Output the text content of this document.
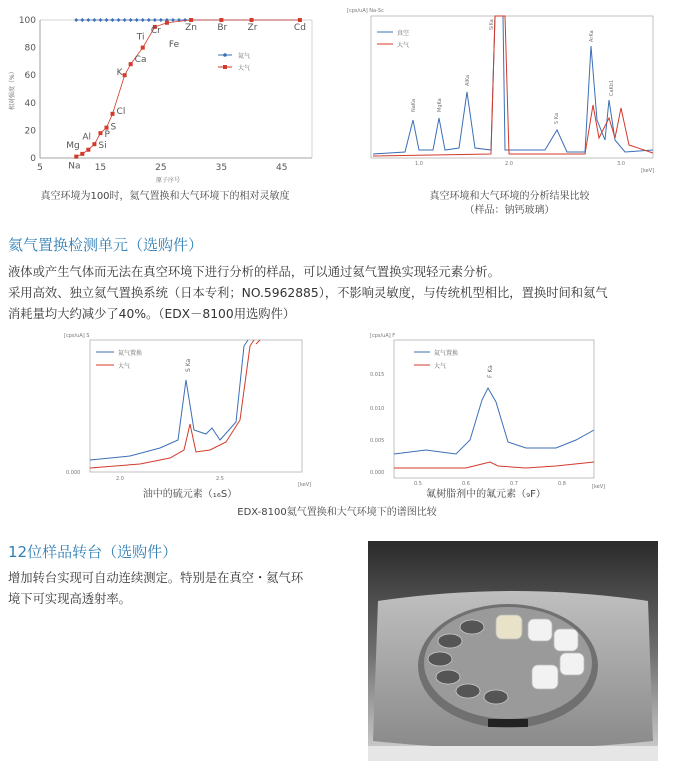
0
20
40
60
80
100
5	15	25	35	45
相对强度（%）
原子序号
Na
Mg
Al
Si
P
S
Cl
K
Ca
Ti
Cr
Fe
Zn Br Zr	Cd
氦气
大气
真空环境为100时，氦气置换和大气环境下的相对灵敏度
[cps/uA] Na-Sc
[keV]
1.0	2.0	3.0
真空
大气
NaKa	MgKa
AlKa
SiKa
S Ka
ArKa
CaKb1
真空环境和大气环境的分析结果比较
（样品：钠钙玻璃）
氦气置换检测单元（选购件）
液体或产生气体而无法在真空环境下进行分析的样品，可以通过氦气置换实现轻元素分析。
采用高效、独立氦气置换系统（日本专利；NO.5962885），不影响灵敏度，与传统机型相比，置换时间和氦气
消耗量均大约减少了40%。（EDX－8100用选购件）
[cps/uA] S
0.000
2.0	2.5
[keV]
氦气置换
大气	S Ka
油中的硫元素（₁₆S）
[cps/uA] F
0.015
0.010
0.005
0.000
0.5	0.6	0.7	0.8	[keV]
氦气置换
大气	F Ka
氟树脂剂中的氟元素（₉F）
EDX-8100氦气置换和大气环境下的谱图比较
12位样品转台（选购件）
增加转台实现可自动连续测定。特别是在真空・氦气环
境下可实现高透射率。
